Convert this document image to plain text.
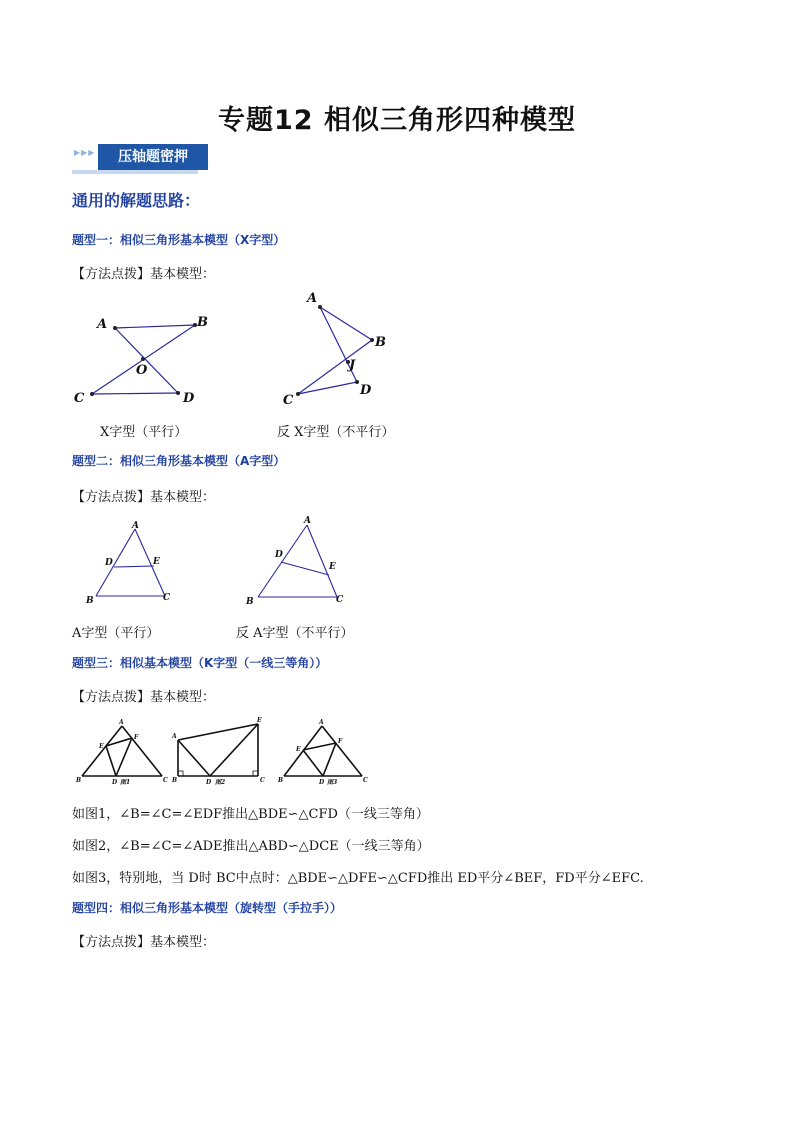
专题12 相似三角形四种模型
▶▶▶	压轴题密押
通用的解题思路：
题型一：相似三角形基本模型（X字型）
【方法点拨】基本模型：
A	B
O
C	D
A
B
J
C
D
X字型（平行）	反 X字型（不平行）
题型二：相似三角形基本模型（A字型）
【方法点拨】基本模型：
A
D	E
B	C
A
D
E
B	C
A字型（平行）	反 A字型（不平行）
题型三：相似基本模型（K字型（一线三等角））
【方法点拨】基本模型：
A
E
F
B	D	C
图1
E
A
B	D	C
图2
A
E
F
B	D	C
图3
如图1，∠B=∠C=∠EDF推出△BDE∽△CFD（一线三等角）
如图2，∠B=∠C=∠ADE推出△ABD∽△DCE（一线三等角）
如图3，特别地，当 D时 BC中点时：△BDE∽△DFE∽△CFD推出 ED平分∠BEF，FD平分∠EFC.
题型四：相似三角形基本模型（旋转型（手拉手））
【方法点拨】基本模型：
